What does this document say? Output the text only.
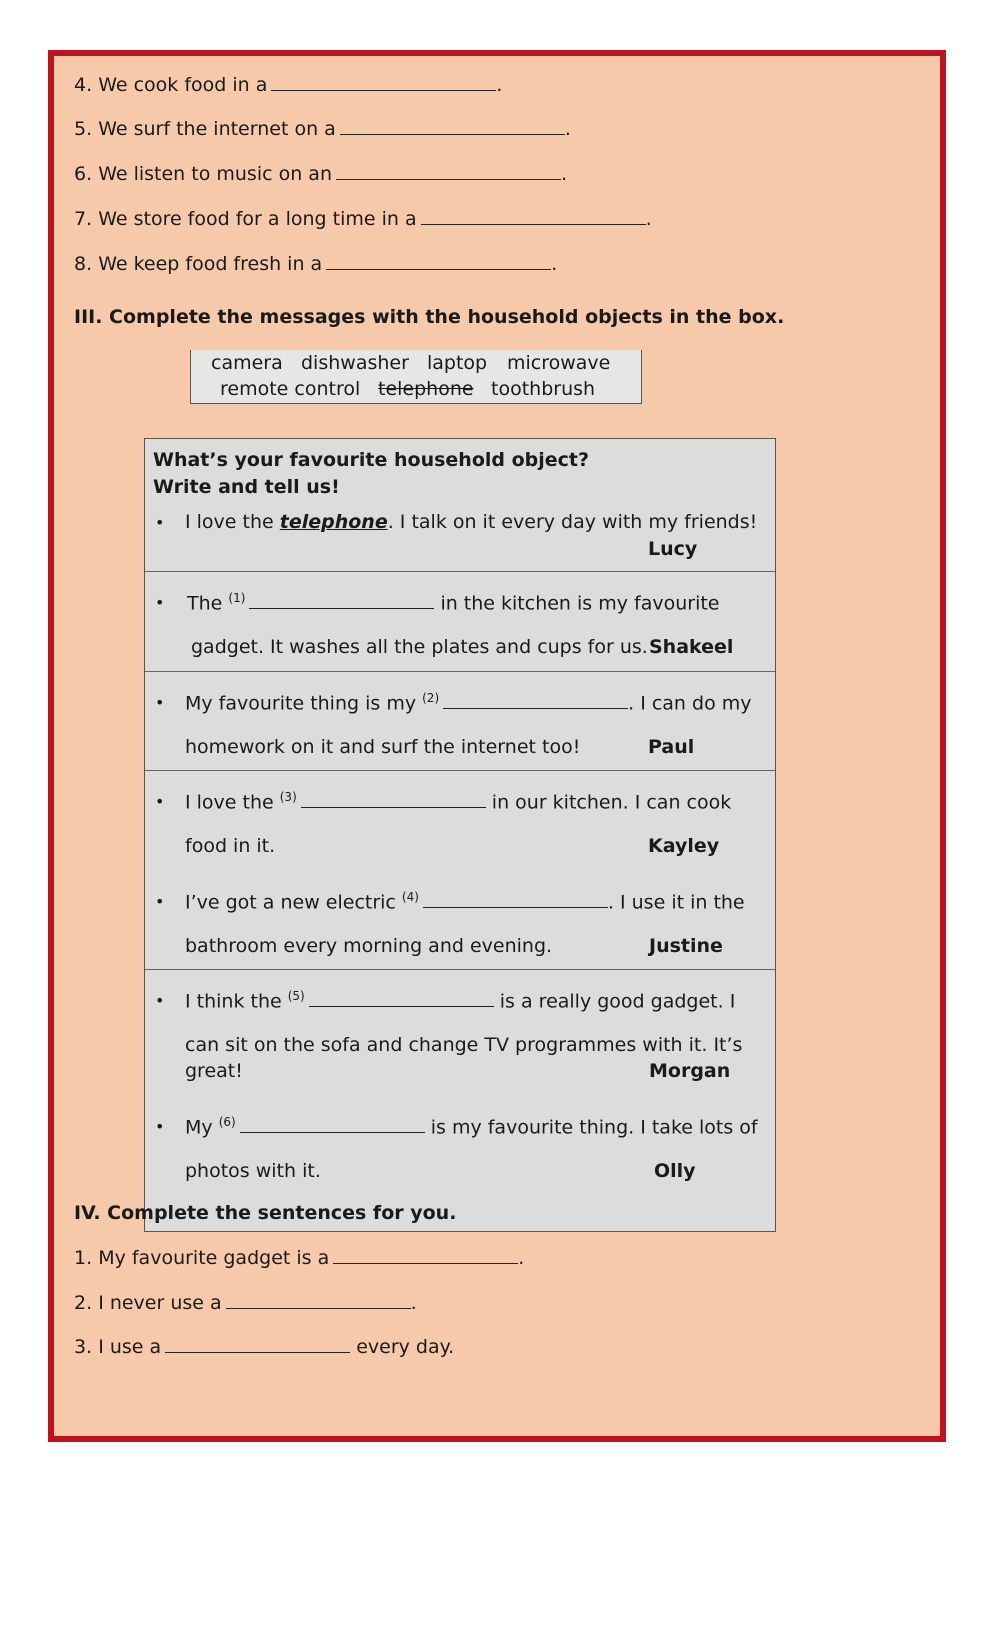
4. We cook food in a	.
5. We surf the internet on a	.
6. We listen to music on an	.
7. We store food for a long time in a	.
8. We keep food fresh in a	.
III. Complete the messages with the household objects in the box.
camera dishwasher laptop microwave
remote control telephone toothbrush
What’s your favourite household object?
Write and tell us!
• I love the telephone. I talk on it every day with my friends!
Lucy
• The $^{(1)}$	in the kitchen is my favourite
gadget. It washes all the plates and cups for us. Shakeel
• My favourite thing is my $^{(2)}$	. I can do my
homework on it and surf the internet too!	Paul
• I love the $^{(3)}$	in our kitchen. I can cook
food in it.	Kayley
• I’ve got a new electric $^{(4)}$	. I use it in the
bathroom every morning and evening.	Justine
• I think the $^{(5)}$	is a really good gadget. I
can sit on the sofa and change TV programmes with it. It’s
great!	Morgan
• My $^{(6)}$	is my favourite thing. I take lots of
photos with it.	Olly
IV. Complete the sentences for you.
1. My favourite gadget is a	.
2. I never use a	.
3. I use a	every day.
